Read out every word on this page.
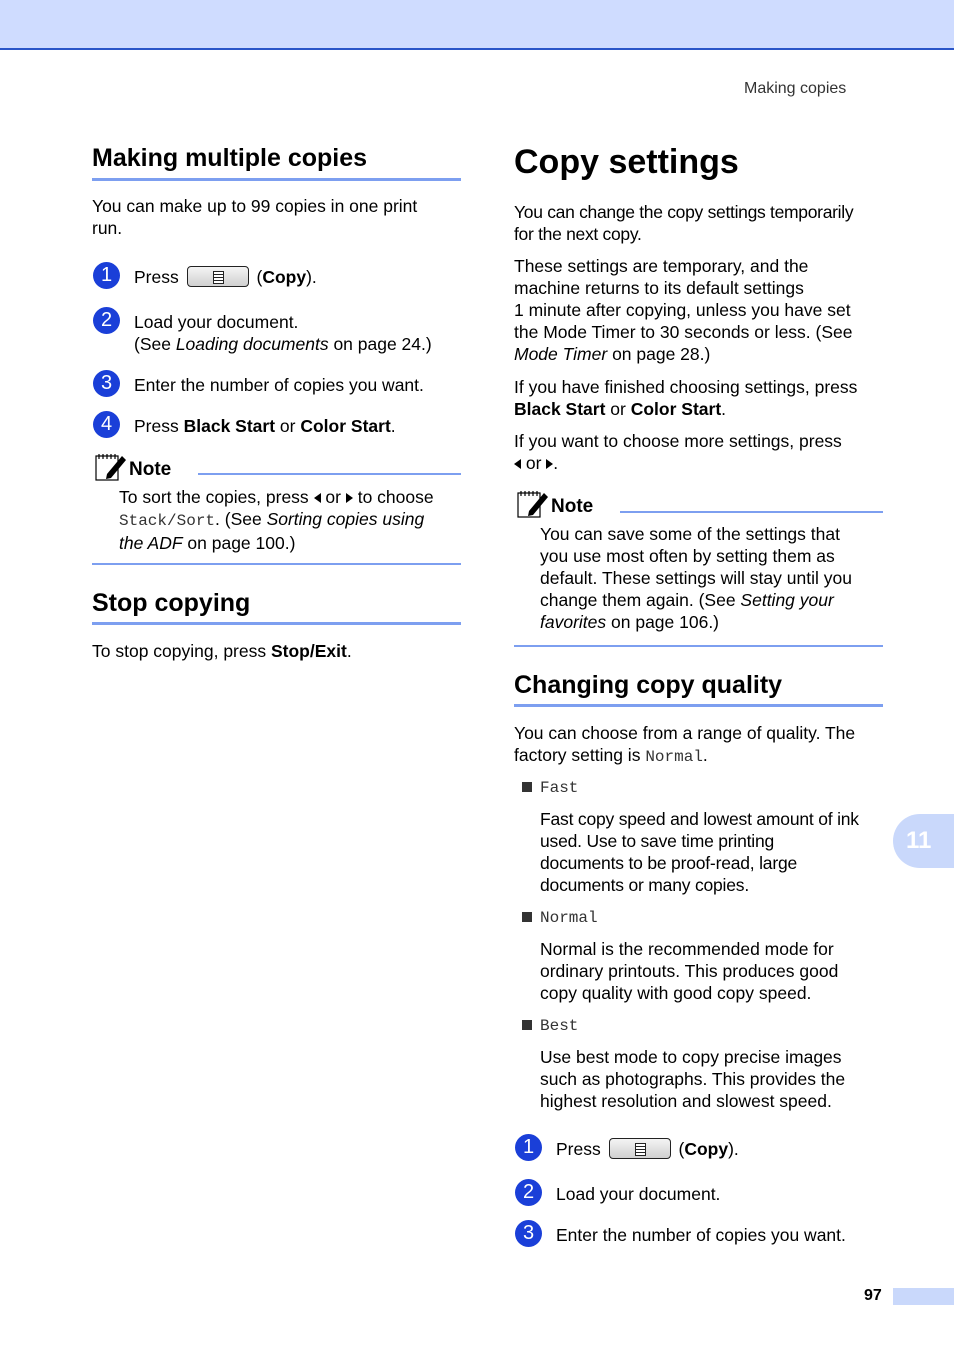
Making copies
Making multiple copies
You can make up to 99 copies in one print
run.
1	Press	(Copy).
2	Load your document.
(See Loading documents on page 24.)
3	Enter the number of copies you want.
4	Press Black Start or Color Start.
Note
To sort the copies, press  or  to choose
Stack/Sort. (See Sorting copies using
the ADF on page 100.)
Stop copying
To stop copying, press Stop/Exit.
Copy settings
You can change the copy settings temporarily
for the next copy.
These settings are temporary, and the
machine returns to its default settings
1 minute after copying, unless you have set
the Mode Timer to 30 seconds or less. (See
Mode Timer on page 28.)
If you have finished choosing settings, press
Black Start or Color Start.
If you want to choose more settings, press
or .
Note
You can save some of the settings that
you use most often by setting them as
default. These settings will stay until you
change them again. (See Setting your
favorites on page 106.)
Changing copy quality
You can choose from a range of quality. The
factory setting is Normal.
Fast
Fast copy speed and lowest amount of ink
used. Use to save time printing
documents to be proof-read, large
documents or many copies.
Normal
Normal is the recommended mode for
ordinary printouts. This produces good
copy quality with good copy speed.
Best
Use best mode to copy precise images
such as photographs. This provides the
highest resolution and slowest speed.
1	Press	(Copy).
2	Load your document.
3	Enter the number of copies you want.
11
97
